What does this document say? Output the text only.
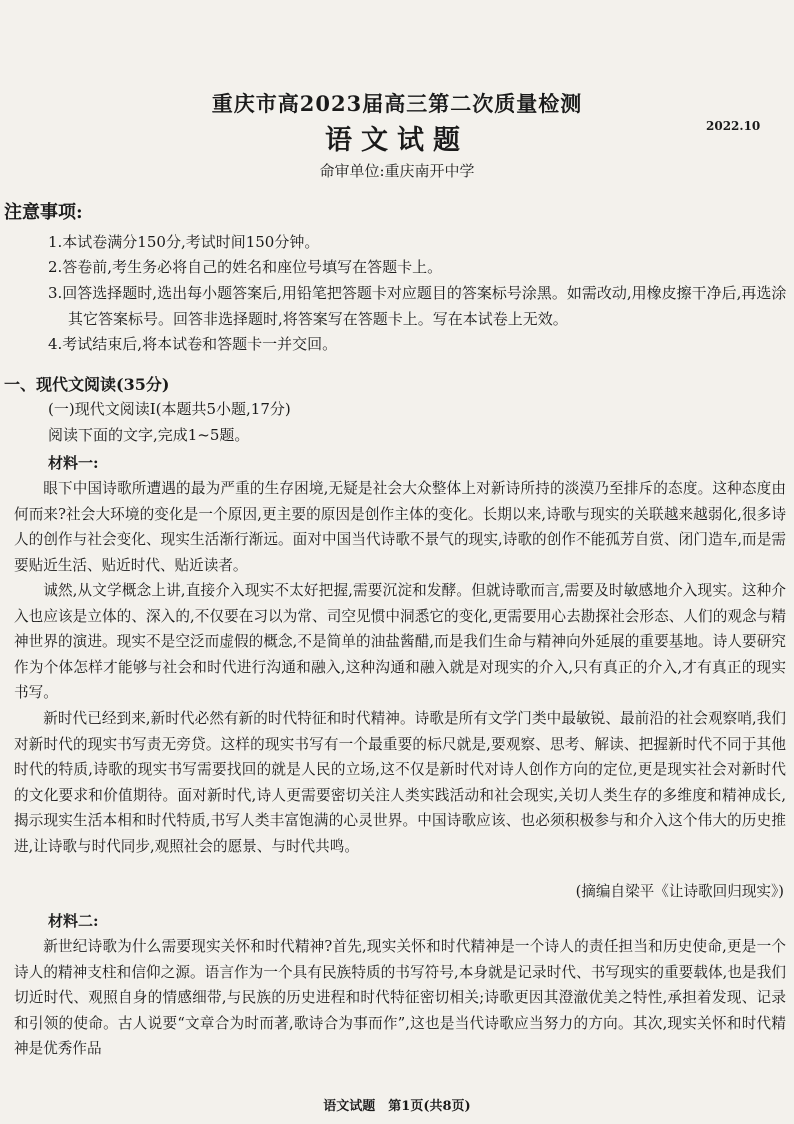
重庆市高2023届高三第二次质量检测
语文试题	2022.10
命审单位:重庆南开中学
注意事项:

1.本试卷满分150分,考试时间150分钟。

2.答卷前,考生务必将自己的姓名和座位号填写在答题卡上。

3.回答选择题时,选出每小题答案后,用铅笔把答题卡对应题目的答案标号涂黑。如需改动,用橡皮擦干净后,再选涂其它答案标号。回答非选择题时,将答案写在答题卡上。写在本试卷上无效。

4.考试结束后,将本试卷和答题卡一并交回。

一、现代文阅读(35分)
(一)现代文阅读Ⅰ(本题共5小题,17分)
阅读下面的文字,完成1~5题。
材料一:

眼下中国诗歌所遭遇的最为严重的生存困境,无疑是社会大众整体上对新诗所持的淡漠乃至排斥的态度。这种态度由何而来?社会大环境的变化是一个原因,更主要的原因是创作主体的变化。长期以来,诗歌与现实的关联越来越弱化,很多诗人的创作与社会变化、现实生活渐行渐远。面对中国当代诗歌不景气的现实,诗歌的创作不能孤芳自赏、闭门造车,而是需要贴近生活、贴近时代、贴近读者。

诚然,从文学概念上讲,直接介入现实不太好把握,需要沉淀和发酵。但就诗歌而言,需要及时敏感地介入现实。这种介入也应该是立体的、深入的,不仅要在习以为常、司空见惯中洞悉它的变化,更需要用心去勘探社会形态、人们的观念与精神世界的演进。现实不是空泛而虚假的概念,不是简单的油盐酱醋,而是我们生命与精神向外延展的重要基地。诗人要研究作为个体怎样才能够与社会和时代进行沟通和融入,这种沟通和融入就是对现实的介入,只有真正的介入,才有真正的现实书写。

新时代已经到来,新时代必然有新的时代特征和时代精神。诗歌是所有文学门类中最敏锐、最前沿的社会观察哨,我们对新时代的现实书写责无旁贷。这样的现实书写有一个最重要的标尺就是,要观察、思考、解读、把握新时代不同于其他时代的特质,诗歌的现实书写需要找回的就是人民的立场,这不仅是新时代对诗人创作方向的定位,更是现实社会对新时代的文化要求和价值期待。面对新时代,诗人更需要密切关注人类实践活动和社会现实,关切人类生存的多维度和精神成长,揭示现实生活本相和时代特质,书写人类丰富饱满的心灵世界。中国诗歌应该、也必须积极参与和介入这个伟大的历史推进,让诗歌与时代同步,观照社会的愿景、与时代共鸣。

(摘编自梁平《让诗歌回归现实》)
材料二:

新世纪诗歌为什么需要现实关怀和时代精神?首先,现实关怀和时代精神是一个诗人的责任担当和历史使命,更是一个诗人的精神支柱和信仰之源。语言作为一个具有民族特质的书写符号,本身就是记录时代、书写现实的重要载体,也是我们切近时代、观照自身的情感细带,与民族的历史进程和时代特征密切相关;诗歌更因其澄澈优美之特性,承担着发现、记录和引领的使命。古人说要“文章合为时而著,歌诗合为事而作”,这也是当代诗歌应当努力的方向。其次,现实关怀和时代精神是优秀作品

语文试题　第1页(共8页)
